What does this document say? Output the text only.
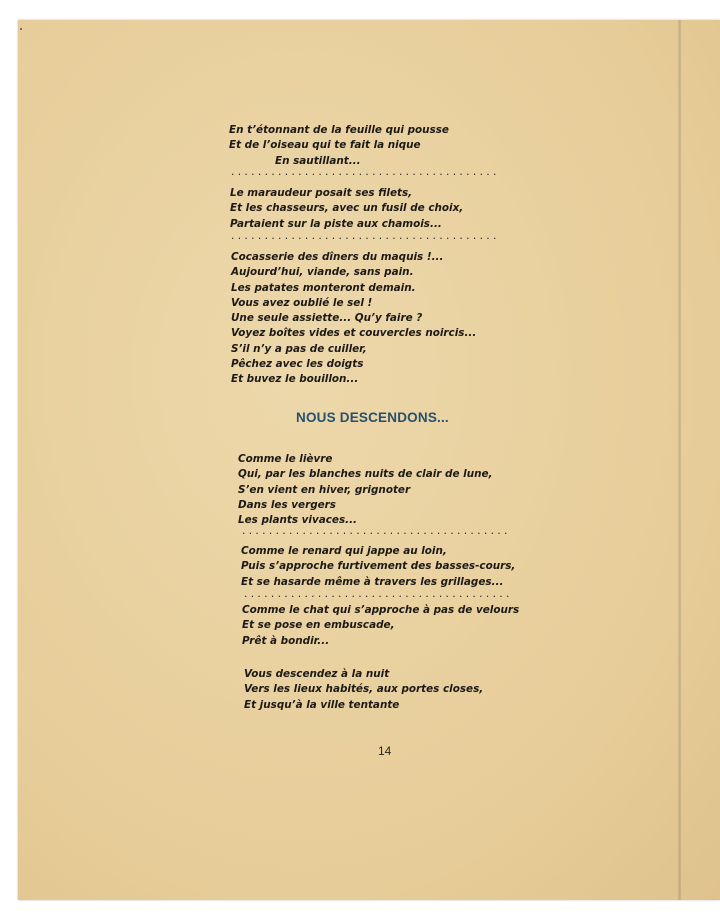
En t’étonnant de la feuille qui pousse
Et de l’oiseau qui te fait la nique
En sautillant...
........................................
Le maraudeur posait ses filets,
Et les chasseurs, avec un fusil de choix,
Partaient sur la piste aux chamois...
........................................
Cocasserie des dîners du maquis !...
Aujourd’hui, viande, sans pain.
Les patates monteront demain.
Vous avez oublié le sel !
Une seule assiette... Qu’y faire ?
Voyez boîtes vides et couvercles noircis...
S’il n’y a pas de cuiller,
Pêchez avec les doigts
Et buvez le bouillon...
NOUS DESCENDONS...
Comme le lièvre
Qui, par les blanches nuits de clair de lune,
S’en vient en hiver, grignoter
Dans les vergers
Les plants vivaces...
........................................
Comme le renard qui jappe au loin,
Puis s’approche furtivement des basses-cours,
Et se hasarde même à travers les grillages...
........................................
Comme le chat qui s’approche à pas de velours
Et se pose en embuscade,
Prêt à bondir...
Vous descendez à la nuit
Vers les lieux habités, aux portes closes,
Et jusqu’à la ville tentante
14
